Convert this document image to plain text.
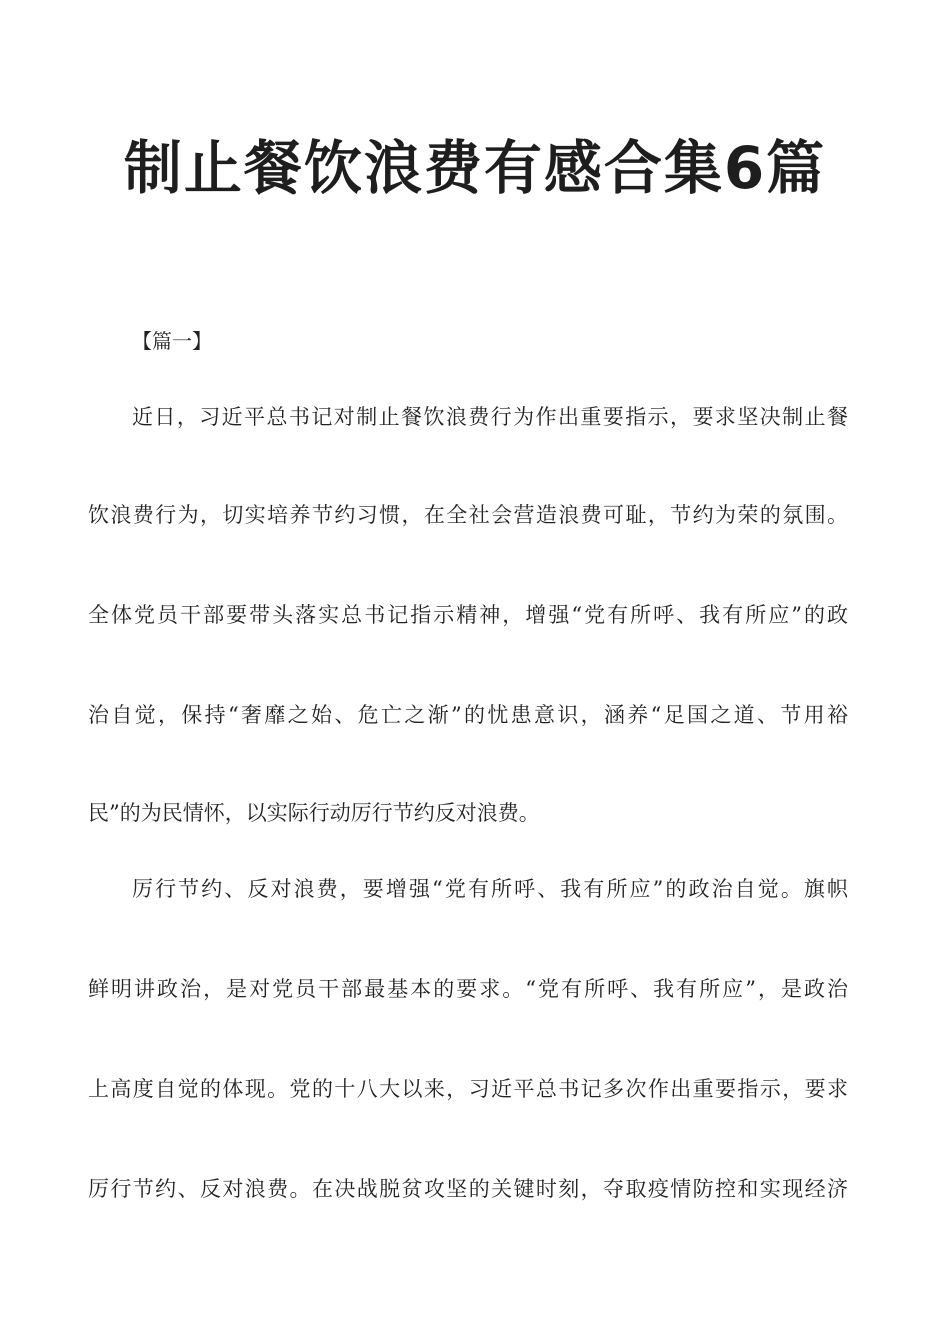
制止餐饮浪费有感合集6篇

【篇一】

近日，习近平总书记对制止餐饮浪费行为作出重要指示，要求坚决制止餐

饮浪费行为，切实培养节约习惯，在全社会营造浪费可耻，节约为荣的氛围。

全体党员干部要带头落实总书记指示精神，增强“党有所呼、我有所应”的政

治自觉，保持“奢靡之始、危亡之渐”的忧患意识，涵养“足国之道、节用裕

民”的为民情怀，以实际行动厉行节约反对浪费。

厉行节约、反对浪费，要增强“党有所呼、我有所应”的政治自觉。旗帜

鲜明讲政治，是对党员干部最基本的要求。“党有所呼、我有所应”，是政治

上高度自觉的体现。党的十八大以来，习近平总书记多次作出重要指示，要求

厉行节约、反对浪费。在决战脱贫攻坚的关键时刻，夺取疫情防控和实现经济
